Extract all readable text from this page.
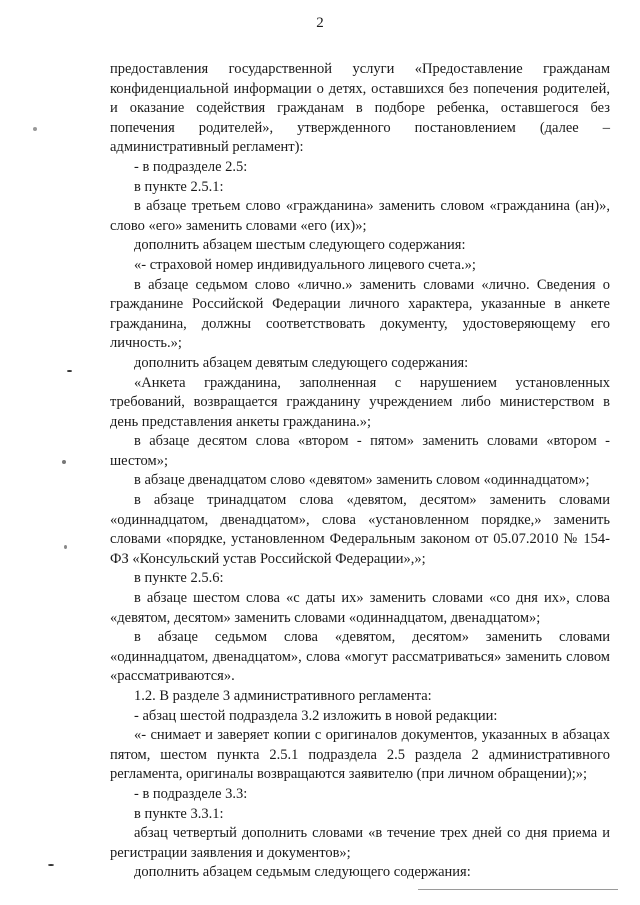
2

предоставления государственной услуги «Предоставление гражданам конфиденциальной информации о детях, оставшихся без попечения родителей, и оказание содействия гражданам в подборе ребенка, оставшегося без попечения родителей», утвержденного постановлением (далее – административный регламент):

- в подразделе 2.5:

в пункте 2.5.1:

в абзаце третьем слово «гражданина» заменить словом «гражданина (ан)», слово «его» заменить словами «его (их)»;

дополнить абзацем шестым следующего содержания:

«- страховой номер индивидуального лицевого счета.»;

в абзаце седьмом слово «лично.» заменить словами «лично. Сведения о гражданине Российской Федерации личного характера, указанные в анкете гражданина, должны соответствовать документу, удостоверяющему его личность.»;

дополнить абзацем девятым следующего содержания:

«Анкета гражданина, заполненная с нарушением установленных требований, возвращается гражданину учреждением либо министерством в день представления анкеты гражданина.»;

в абзаце десятом слова «втором - пятом» заменить словами «втором - шестом»;

в абзаце двенадцатом слово «девятом» заменить словом «одиннадцатом»;

в абзаце тринадцатом слова «девятом, десятом» заменить словами «одиннадцатом, двенадцатом», слова «установленном порядке,» заменить словами «порядке, установленном Федеральным законом от 05.07.2010 № 154-ФЗ «Консульский устав Российской Федерации»,»;

в пункте 2.5.6:

в абзаце шестом слова «с даты их» заменить словами «со дня их», слова «девятом, десятом» заменить словами «одиннадцатом, двенадцатом»;

в абзаце седьмом слова «девятом, десятом» заменить словами «одиннадцатом, двенадцатом», слова «могут рассматриваться» заменить словом «рассматриваются».

1.2. В разделе 3 административного регламента:

- абзац шестой подраздела 3.2 изложить в новой редакции:

«- снимает и заверяет копии с оригиналов документов, указанных в абзацах пятом, шестом пункта 2.5.1 подраздела 2.5 раздела 2 административного регламента, оригиналы возвращаются заявителю (при личном обращении);»;

- в подразделе 3.3:

в пункте 3.3.1:

абзац четвертый дополнить словами «в течение трех дней со дня приема и регистрации заявления и документов»;

дополнить абзацем седьмым следующего содержания:
